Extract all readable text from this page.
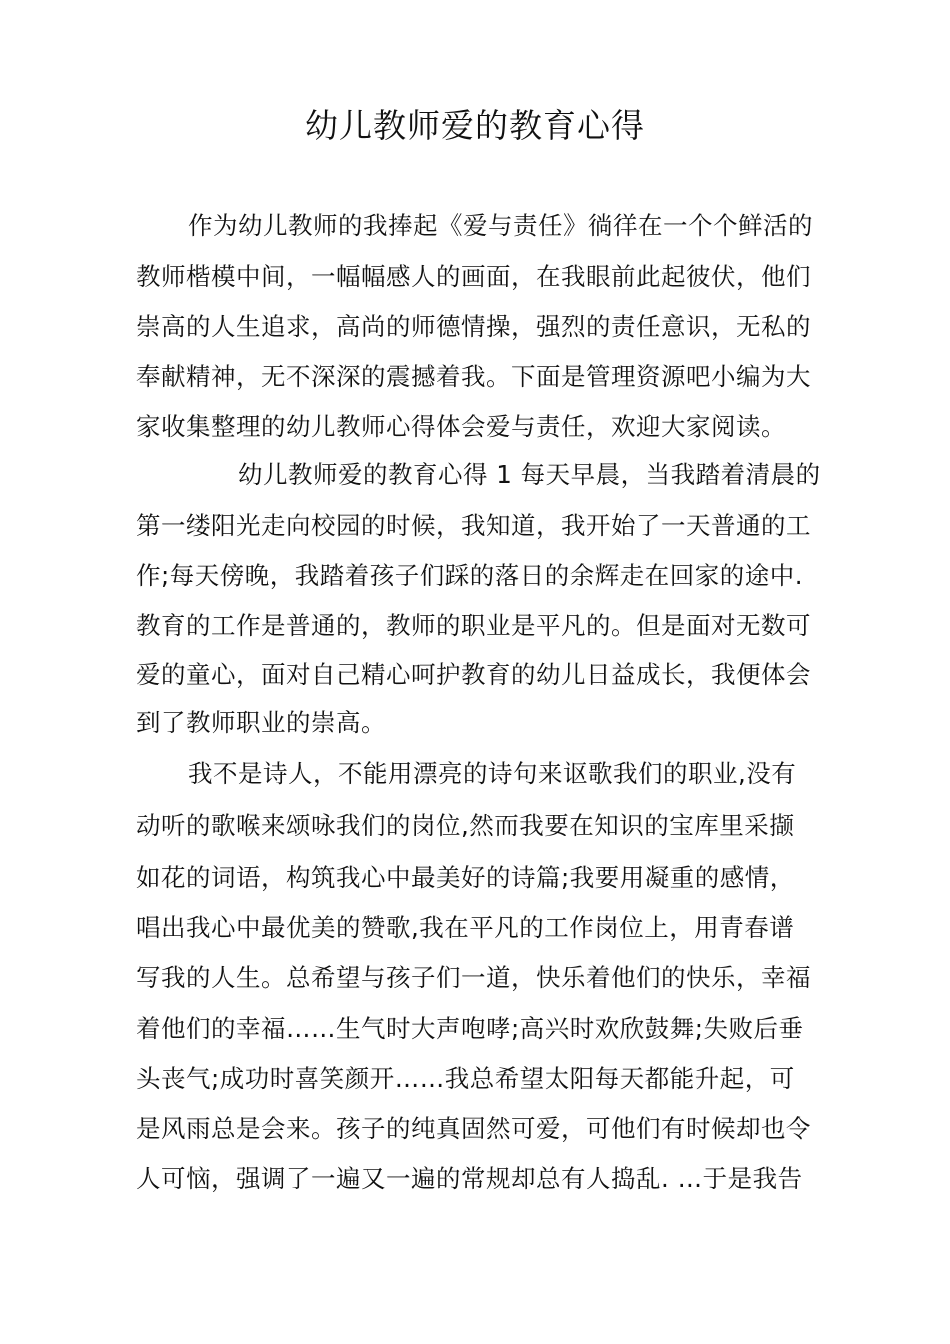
幼儿教师爱的教育心得
作为幼儿教师的我捧起《爱与责任》徜徉在一个个鲜活的
教师楷模中间，一幅幅感人的画面，在我眼前此起彼伏，他们
崇高的人生追求，高尚的师德情操，强烈的责任意识，无私的
奉献精神，无不深深的震撼着我。下面是管理资源吧小编为大
家收集整理的幼儿教师心得体会爱与责任，欢迎大家阅读。
幼儿教师爱的教育心得 1 每天早晨，当我踏着清晨的
第一缕阳光走向校园的时候，我知道，我开始了一天普通的工
作;每天傍晚，我踏着孩子们踩的落日的余辉走在回家的途中.
教育的工作是普通的，教师的职业是平凡的。但是面对无数可
爱的童心，面对自己精心呵护教育的幼儿日益成长，我便体会
到了教师职业的崇高。
我不是诗人，不能用漂亮的诗句来讴歌我们的职业,没有
动听的歌喉来颂咏我们的岗位,然而我要在知识的宝库里采撷
如花的词语，构筑我心中最美好的诗篇;我要用凝重的感情，
唱出我心中最优美的赞歌,我在平凡的工作岗位上，用青春谱
写我的人生。总希望与孩子们一道，快乐着他们的快乐，幸福
着他们的幸福……生气时大声咆哮;高兴时欢欣鼓舞;失败后垂
头丧气;成功时喜笑颜开……我总希望太阳每天都能升起，可
是风雨总是会来。孩子的纯真固然可爱，可他们有时候却也令
人可恼，强调了一遍又一遍的常规却总有人捣乱. …于是我告
